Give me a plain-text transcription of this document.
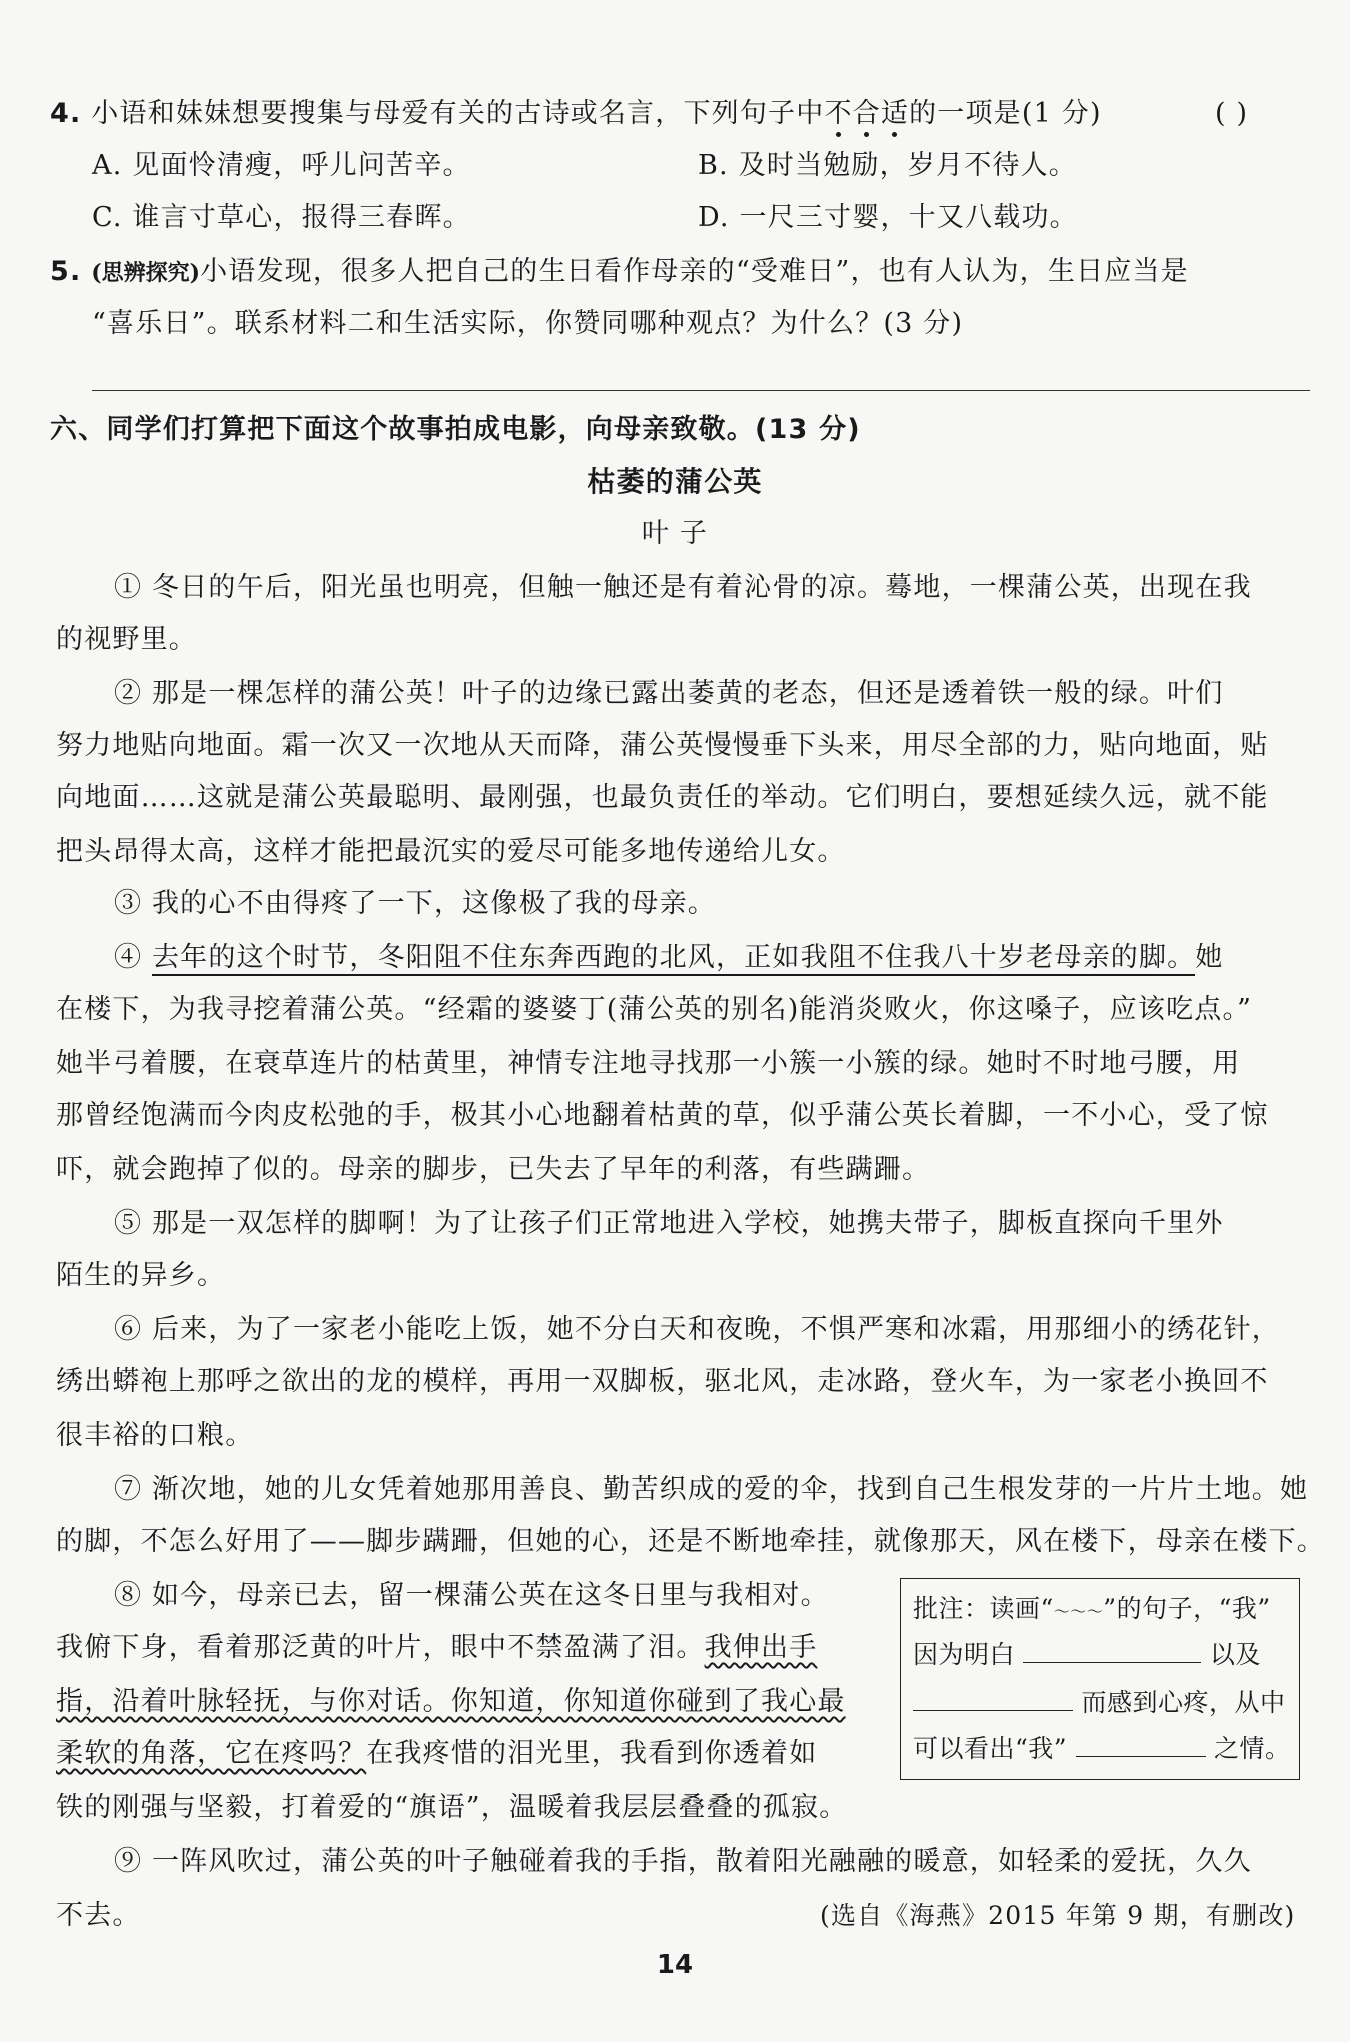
4. 小语和妹妹想要搜集与母爱有关的古诗或名言，下列句子中不合适的一项是(1 分)	( )
A. 见面怜清瘦，呼儿问苦辛。	B. 及时当勉励，岁月不待人。
C. 谁言寸草心，报得三春晖。	D. 一尺三寸婴，十又八载功。
5. (思辨探究)小语发现，很多人把自己的生日看作母亲的“受难日”，也有人认为，生日应当是
“喜乐日”。联系材料二和生活实际，你赞同哪种观点？为什么？(3 分)
六、同学们打算把下面这个故事拍成电影，向母亲致敬。(13 分)
枯萎的蒲公英
叶 子
① 冬日的午后，阳光虽也明亮，但触一触还是有着沁骨的凉。蓦地，一棵蒲公英，出现在我
的视野里。
② 那是一棵怎样的蒲公英！叶子的边缘已露出萎黄的老态，但还是透着铁一般的绿。叶们
努力地贴向地面。霜一次又一次地从天而降，蒲公英慢慢垂下头来，用尽全部的力，贴向地面，贴
向地面……这就是蒲公英最聪明、最刚强，也最负责任的举动。它们明白，要想延续久远，就不能
把头昂得太高，这样才能把最沉实的爱尽可能多地传递给儿女。
③ 我的心不由得疼了一下，这像极了我的母亲。
④ 去年的这个时节，冬阳阻不住东奔西跑的北风，正如我阻不住我八十岁老母亲的脚。她
在楼下，为我寻挖着蒲公英。“经霜的婆婆丁(蒲公英的别名)能消炎败火，你这嗓子，应该吃点。”
她半弓着腰，在衰草连片的枯黄里，神情专注地寻找那一小簇一小簇的绿。她时不时地弓腰，用
那曾经饱满而今肉皮松弛的手，极其小心地翻着枯黄的草，似乎蒲公英长着脚，一不小心，受了惊
吓，就会跑掉了似的。母亲的脚步，已失去了早年的利落，有些蹒跚。
⑤ 那是一双怎样的脚啊！为了让孩子们正常地进入学校，她携夫带子，脚板直探向千里外
陌生的异乡。
⑥ 后来，为了一家老小能吃上饭，她不分白天和夜晚，不惧严寒和冰霜，用那细小的绣花针，
绣出蟒袍上那呼之欲出的龙的模样，再用一双脚板，驱北风，走冰路，登火车，为一家老小换回不
很丰裕的口粮。
⑦ 渐次地，她的儿女凭着她那用善良、勤苦织成的爱的伞，找到自己生根发芽的一片片土地。她
的脚，不怎么好用了——脚步蹒跚，但她的心，还是不断地牵挂，就像那天，风在楼下，母亲在楼下。
⑧ 如今，母亲已去，留一棵蒲公英在这冬日里与我相对。
我俯下身，看着那泛黄的叶片，眼中不禁盈满了泪。我伸出手
指，沿着叶脉轻抚，与你对话。你知道，你知道你碰到了我心最
柔软的角落，它在疼吗？在我疼惜的泪光里，我看到你透着如
铁的刚强与坚毅，打着爱的“旗语”，温暖着我层层叠叠的孤寂。
批注：读画“～～～”的句子，“我”
因为明白	以及
而感到心疼，从中
可以看出“我”	之情。
⑨ 一阵风吹过，蒲公英的叶子触碰着我的手指，散着阳光融融的暖意，如轻柔的爱抚，久久
不去。	(选自《海燕》2015 年第 9 期，有删改)
14
